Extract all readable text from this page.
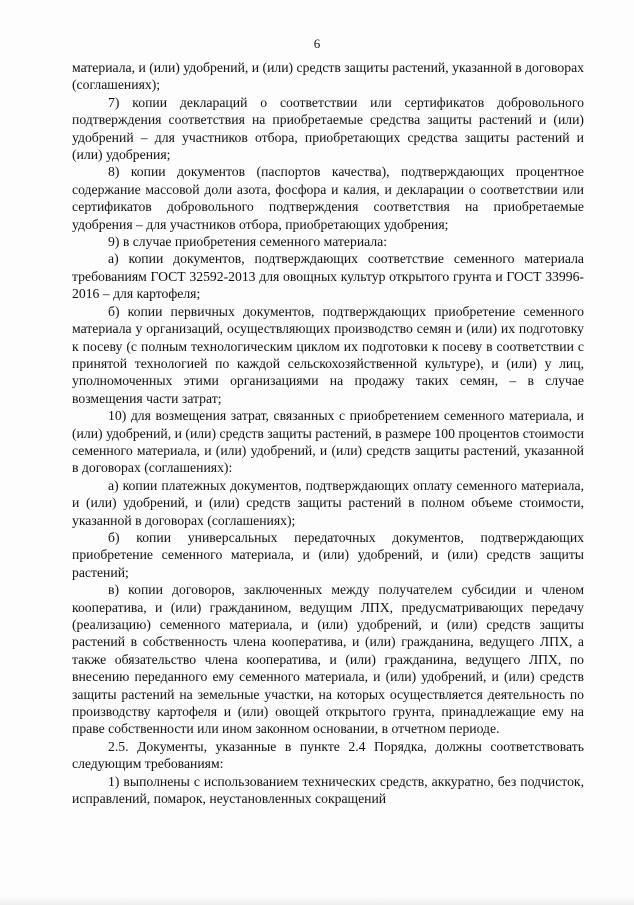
6

материала, и (или) удобрений, и (или) средств защиты растений, указанной в договорах (соглашениях);

7) копии деклараций о соответствии или сертификатов добровольного подтверждения соответствия на приобретаемые средства защиты растений и (или) удобрений – для участников отбора, приобретающих средства защиты растений и (или) удобрения;

8) копии документов (паспортов качества), подтверждающих процентное содержание массовой доли азота, фосфора и калия, и декларации о соответствии или сертификатов добровольного подтверждения соответствия на приобретаемые удобрения – для участников отбора, приобретающих удобрения;

9) в случае приобретения семенного материала:

а) копии документов, подтверждающих соответствие семенного материала требованиям ГОСТ 32592-2013 для овощных культур открытого грунта и ГОСТ 33996-2016 – для картофеля;

б) копии первичных документов, подтверждающих приобретение семенного материала у организаций, осуществляющих производство семян и (или) их подготовку к посеву (с полным технологическим циклом их подготовки к посеву в соответствии с принятой технологией по каждой сельскохозяйственной культуре), и (или) у лиц, уполномоченных этими организациями на продажу таких семян, – в случае возмещения части затрат;

10) для возмещения затрат, связанных с приобретением семенного материала, и (или) удобрений, и (или) средств защиты растений, в размере 100 процентов стоимости семенного материала, и (или) удобрений, и (или) средств защиты растений, указанной в договорах (соглашениях):

а) копии платежных документов, подтверждающих оплату семенного материала, и (или) удобрений, и (или) средств защиты растений в полном объеме стоимости, указанной в договорах (соглашениях);

б) копии универсальных передаточных документов, подтверждающих приобретение семенного материала, и (или) удобрений, и (или) средств защиты растений;

в) копии договоров, заключенных между получателем субсидии и членом кооператива, и (или) гражданином, ведущим ЛПХ, предусматривающих передачу (реализацию) семенного материала, и (или) удобрений, и (или) средств защиты растений в собственность члена кооператива, и (или) гражданина, ведущего ЛПХ, а также обязательство члена кооператива, и (или) гражданина, ведущего ЛПХ, по внесению переданного ему семенного материала, и (или) удобрений, и (или) средств защиты растений на земельные участки, на которых осуществляется деятельность по производству картофеля и (или) овощей открытого грунта, принадлежащие ему на праве собственности или ином законном основании, в отчетном периоде.

2.5. Документы, указанные в пункте 2.4 Порядка, должны соответствовать следующим требованиям:

1) выполнены с использованием технических средств, аккуратно, без подчисток, исправлений, помарок, неустановленных сокращений
